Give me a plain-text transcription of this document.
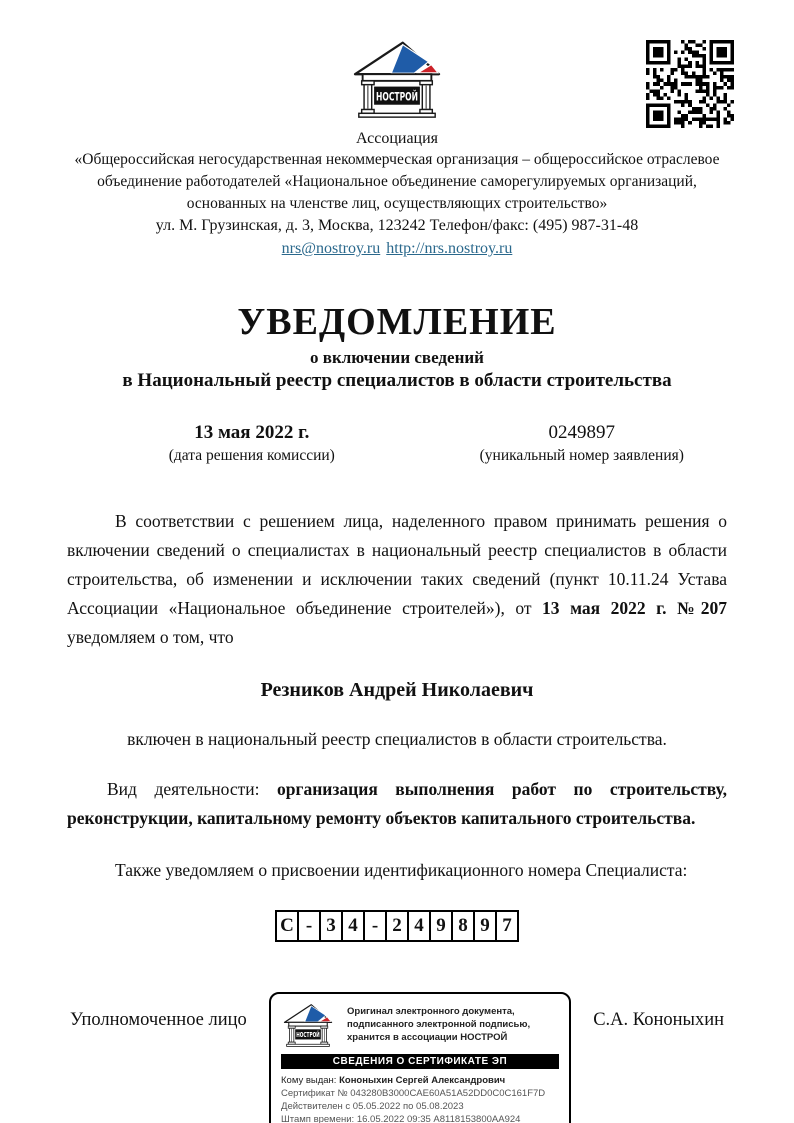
Ассоциация
«Общероссийская негосударственная некоммерческая организация – общероссийское отраслевое
объединение работодателей «Национальное объединение саморегулируемых организаций,
основанных на членстве лиц, осуществляющих строительство»
ул. М. Грузинская, д. 3, Москва, 123242 Телефон/факс: (495) 987-31-48
nrs@nostroy.ru http://nrs.nostroy.ru
УВЕДОМЛЕНИЕ
о включении сведений
в Национальный реестр специалистов в области строительства
13 мая 2022 г.
(дата решения комиссии)
0249897
(уникальный номер заявления)
В соответствии с решением лица, наделенного правом принимать решения о включении сведений о специалистах в национальный реестр специалистов в области строительства, об изменении и исключении таких сведений (пункт 10.11.24 Устава Ассоциации «Национальное объединение строителей»), от 13 мая 2022 г. №207 уведомляем о том, что
Резников Андрей Николаевич
включен в национальный реестр специалистов в области строительства.
Вид деятельности: организация выполнения работ по строительству, реконструкции, капитальному ремонту объектов капитального строительства.
Также уведомляем о присвоении идентификационного номера Специалиста:
С - 3 4 - 2 4 9 8 9 7
Уполномоченное лицо	Оригинал электронного документа,
подписанного электронной подписью,
хранится в ассоциации НОСТРОЙ
СВЕДЕНИЯ О СЕРТИФИКАТЕ ЭП
Кому выдан: Кононыхин Сергей Александрович
Сертификат № 043280B3000CAE60A51A52DD0C0C161F7D
Действителен с 05.05.2022 по 05.08.2023
Штамп времени: 16.05.2022 09:35 A8118153800AA924
С.А. Кононыхин
